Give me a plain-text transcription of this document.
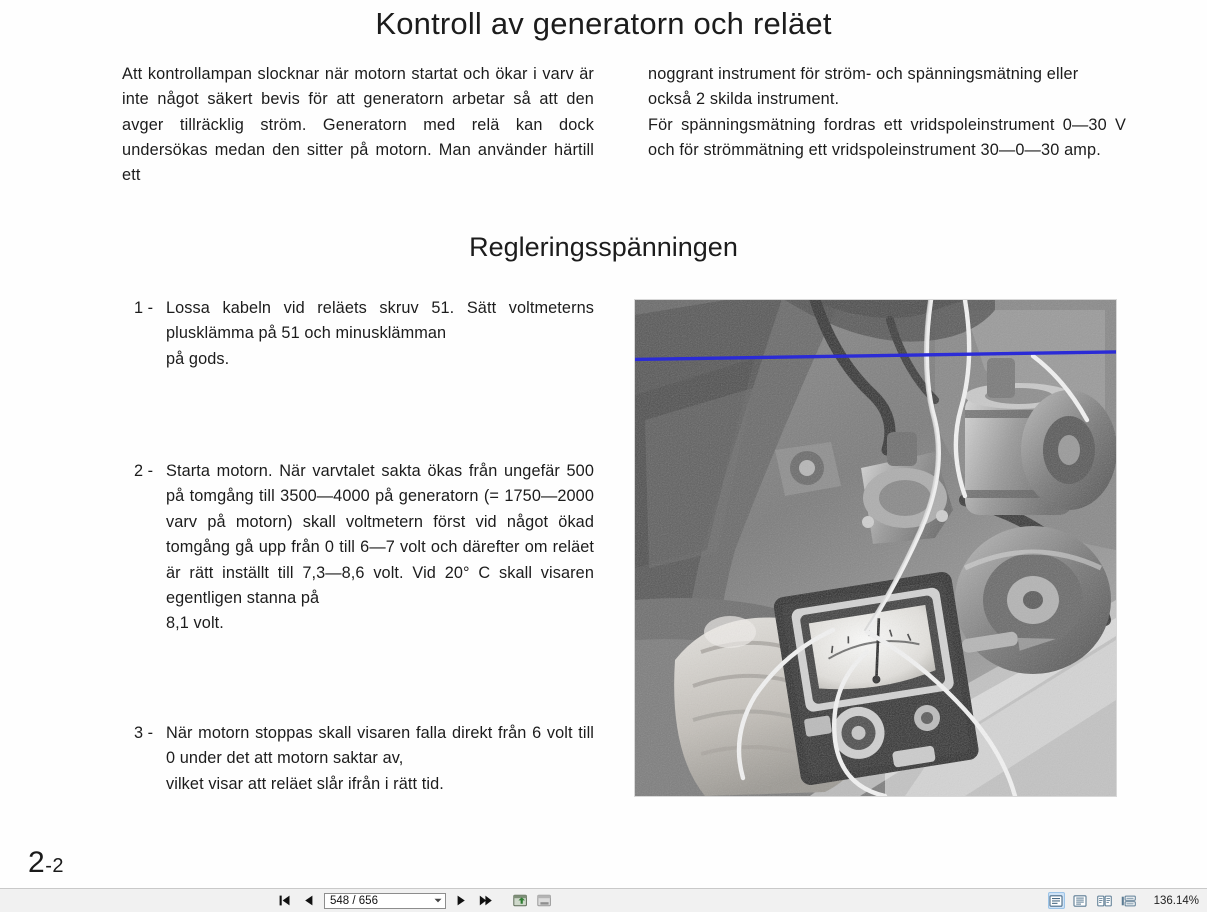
Kontroll av generatorn och reläet

Att kontrollampan slocknar när motorn startat och ökar i varv är inte något säkert bevis för att generatorn arbetar så att den avger tillräcklig ström. Generatorn med relä kan dock undersökas medan den sitter på motorn. Man använder härtill ett

noggrant instrument för ström- och spänningsmätning eller också 2 skilda instrument.

För spänningsmätning fordras ett vridspoleinstrument 0—30 V och för strömmätning ett vridspoleinstrument 30—0—30 amp.

Regleringsspänningen
1 - Lossa kabeln vid reläets skruv 51. Sätt voltmeterns plusklämma på 51 och minusklämman
på gods.
2 - Starta motorn. När varvtalet sakta ökas från ungefär 500 på tomgång till 3500—4000 på generatorn (= 1750—2000 varv på motorn) skall voltmetern först vid något ökad tomgång gå upp från 0 till 6—7 volt och därefter om reläet är rätt inställt till 7,3—8,6 volt. Vid 20° C skall visaren egentligen stanna på
8,1 volt.
3 - När motorn stoppas skall visaren falla direkt från 6 volt till 0 under det att motorn saktar av,
vilket visar att reläet slår ifrån i rätt tid.
2-2
548 / 656	136.14%
